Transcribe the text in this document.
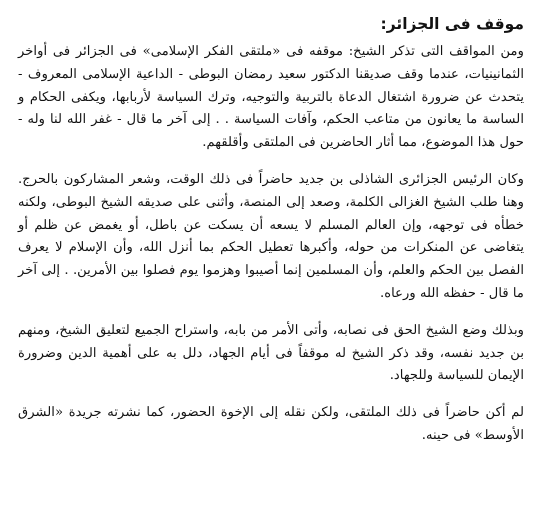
موقف فى الجزائر:

ومن المواقف التى تذكر الشيخ: موقفه فى «ملتقى الفكر الإسلامى» فى الجزائر فى أواخر الثمانينيات، عندما وقف صديقنا الدكتور سعيد رمضان البوطى - الداعية الإسلامى المعروف - يتحدث عن ضرورة اشتغال الدعاة بالتربية والتوجيه، وترك السياسة لأربابها، ويكفى الحكام و الساسة ما يعانون من متاعب الحكم، وآفات السياسة . . إلى آخر ما قال - غفر الله لنا وله - حول هذا الموضوع، مما أثار الحاضرين فى الملتقى وأقلقهم.

وكان الرئيس الجزائرى الشاذلى بن جديد حاضراً فى ذلك الوقت، وشعر المشاركون بالحرج. وهنا طلب الشيخ الغزالى الكلمة، وصعد إلى المنصة، وأثنى على صديقه الشيخ البوطى، ولكنه خطأه فى توجهه، وإن العالم المسلم لا يسعه أن يسكت عن باطل، أو يغمض عن ظلم أو يتغاضى عن المنكرات من حوله، وأكبرها تعطيل الحكم بما أنزل الله، وأن الإسلام لا يعرف الفصل بين الحكم والعلم، وأن المسلمين إنما أصيبوا وهزموا يوم فصلوا بين الأمرين. . إلى آخر ما قال - حفظه الله ورعاه.

وبذلك وضع الشيخ الحق فى نصابه، وأتى الأمر من بابه، واستراح الجميع لتعليق الشيخ، ومنهم بن جديد نفسه، وقد ذكر الشيخ له موقفاً فى أيام الجهاد، دلل به على أهمية الدين وضرورة الإيمان للسياسة وللجهاد.

لم أكن حاضراً فى ذلك الملتقى، ولكن نقله إلى الإخوة الحضور، كما نشرته جريدة «الشرق الأوسط» فى حينه.
